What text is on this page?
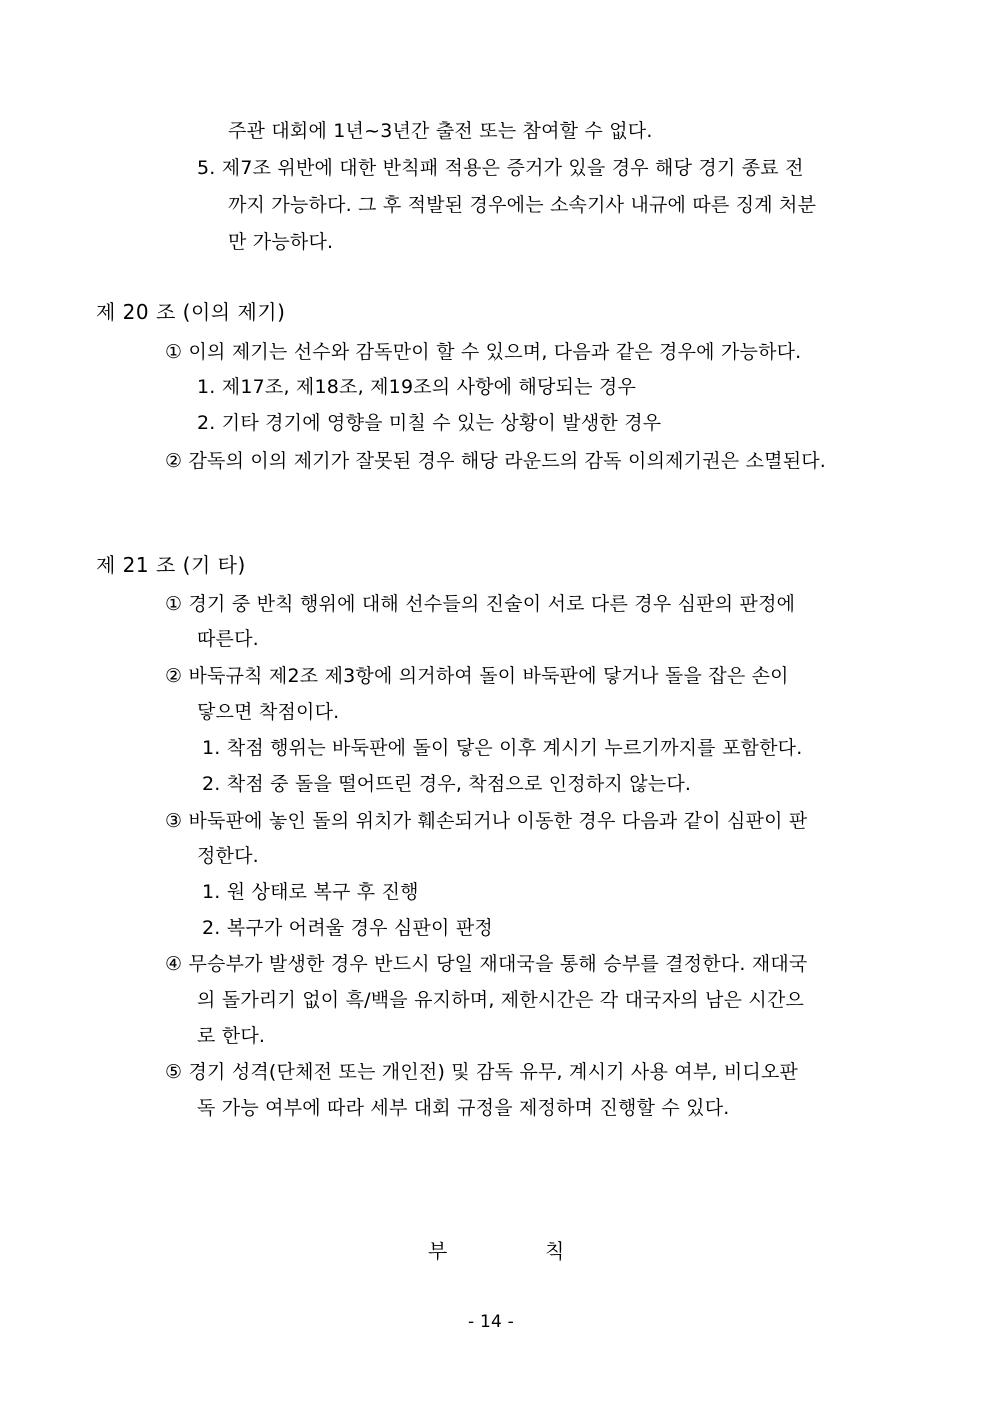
주관 대회에 1년~3년간 출전 또는 참여할 수 없다.
5. 제7조 위반에 대한 반칙패 적용은 증거가 있을 경우 해당 경기 종료 전
까지 가능하다. 그 후 적발된 경우에는 소속기사 내규에 따른 징계 처분
만 가능하다.
제 20 조 (이의 제기)
① 이의 제기는 선수와 감독만이 할 수 있으며, 다음과 같은 경우에 가능하다.
1. 제17조, 제18조, 제19조의 사항에 해당되는 경우
2. 기타 경기에 영향을 미칠 수 있는 상황이 발생한 경우
② 감독의 이의 제기가 잘못된 경우 해당 라운드의 감독 이의제기권은 소멸된다.
제 21 조 (기 타)
① 경기 중 반칙 행위에 대해 선수들의 진술이 서로 다른 경우 심판의 판정에
따른다.
② 바둑규칙 제2조 제3항에 의거하여 돌이 바둑판에 닿거나 돌을 잡은 손이
닿으면 착점이다.
1. 착점 행위는 바둑판에 돌이 닿은 이후 계시기 누르기까지를 포함한다.
2. 착점 중 돌을 떨어뜨린 경우, 착점으로 인정하지 않는다.
③ 바둑판에 놓인 돌의 위치가 훼손되거나 이동한 경우 다음과 같이 심판이 판
정한다.
1. 원 상태로 복구 후 진행
2. 복구가 어려울 경우 심판이 판정
④ 무승부가 발생한 경우 반드시 당일 재대국을 통해 승부를 결정한다. 재대국
의 돌가리기 없이 흑/백을 유지하며, 제한시간은 각 대국자의 남은 시간으
로 한다.
⑤ 경기 성격(단체전 또는 개인전) 및 감독 유무, 계시기 사용 여부, 비디오판
독 가능 여부에 따라 세부 대회 규정을 제정하며 진행할 수 있다.
부	칙
- 14 -
